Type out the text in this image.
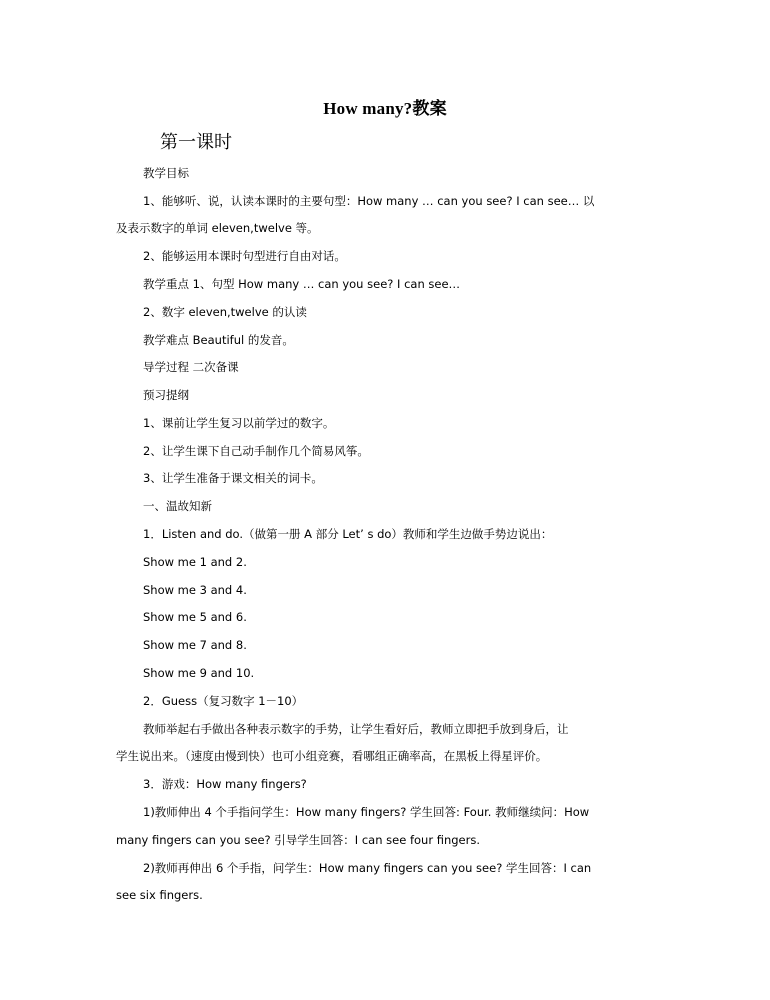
How many?教案
第一课时
教学目标
1、能够听、说，认读本课时的主要句型：How many … can you see? I can see… 以
及表示数字的单词 eleven,twelve 等。
2、能够运用本课时句型进行自由对话。
教学重点 1、句型 How many … can you see? I can see…
2、数字 eleven,twelve 的认读
教学难点 Beautiful 的发音。
导学过程 二次备课
预习提纲
1、课前让学生复习以前学过的数字。
2、让学生课下自己动手制作几个简易风筝。
3、让学生准备于课文相关的词卡。
一、温故知新
1．Listen and do.（做第一册 A 部分 Let’ s do）教师和学生边做手势边说出：
Show me 1 and 2.
Show me 3 and 4.
Show me 5 and 6.
Show me 7 and 8.
Show me 9 and 10.
2．Guess（复习数字 1－10）
教师举起右手做出各种表示数字的手势，让学生看好后，教师立即把手放到身后，让
学生说出来。（速度由慢到快）也可小组竞赛，看哪组正确率高，在黑板上得星评价。
3．游戏：How many fingers?
1)教师伸出 4 个手指问学生：How many fingers? 学生回答: Four. 教师继续问：How
many fingers can you see? 引导学生回答：I can see four fingers.
2)教师再伸出 6 个手指，问学生：How many fingers can you see? 学生回答：I can
see six fingers.
